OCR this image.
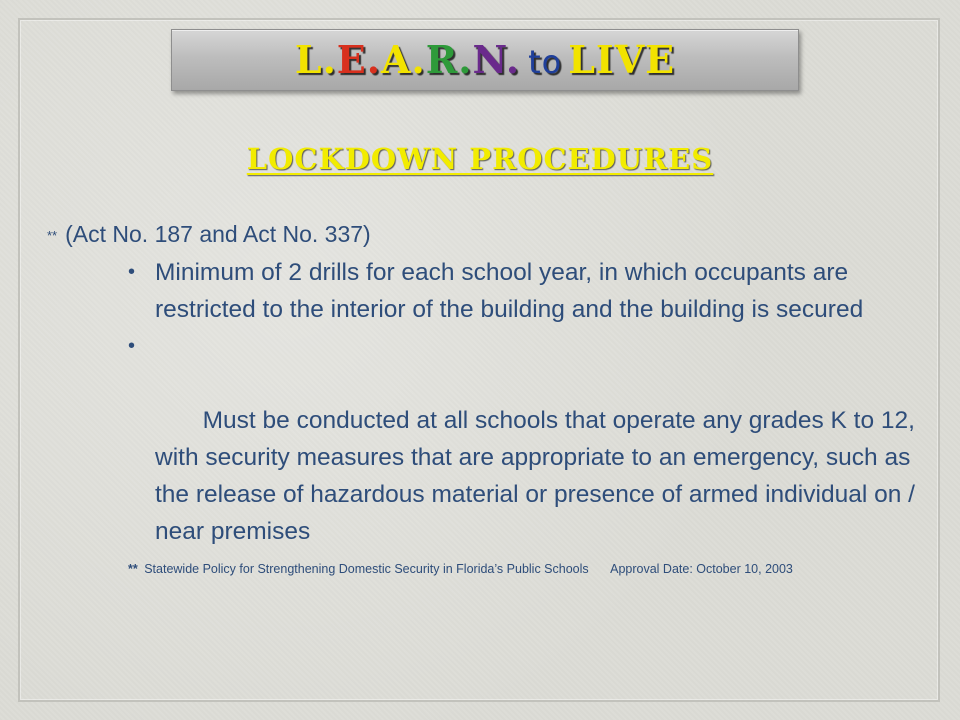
L.E.A.R.N. to LIVE
LOCKDOWN PROCEDURES
** (Act No. 187 and Act No. 337)
• Minimum of 2 drills for each school year, in which occupants are restricted to the interior of the building and the building is secured

•

Must be conducted at all schools that operate any grades K to 12, with security measures that are appropriate to an emergency, such as the release of hazardous material or presence of armed individual on / near premises

** Statewide Policy for Strengthening Domestic Security in Florida’s Public Schools Approval Date: October 10, 2003
